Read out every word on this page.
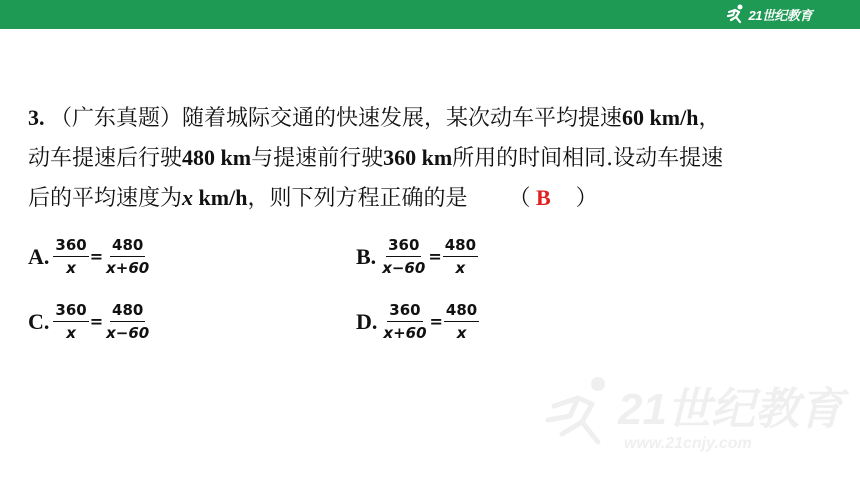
21世纪教育
3. （广东真题）随着城际交通的快速发展，某次动车平均提速60 km/h，
动车提速后行驶480 km与提速前行驶360 km所用的时间相同.设动车提速
后的平均速度为x km/h，则下列方程正确的是 （ B ）
A. $\frac{360}{x} = \frac{480}{x+60}$	B. $\frac{360}{x-60} = \frac{480}{x}$
C. $\frac{360}{x} = \frac{480}{x-60}$	D. $\frac{360}{x+60} = \frac{480}{x}$
21世纪教育
www.21cnjy.com
